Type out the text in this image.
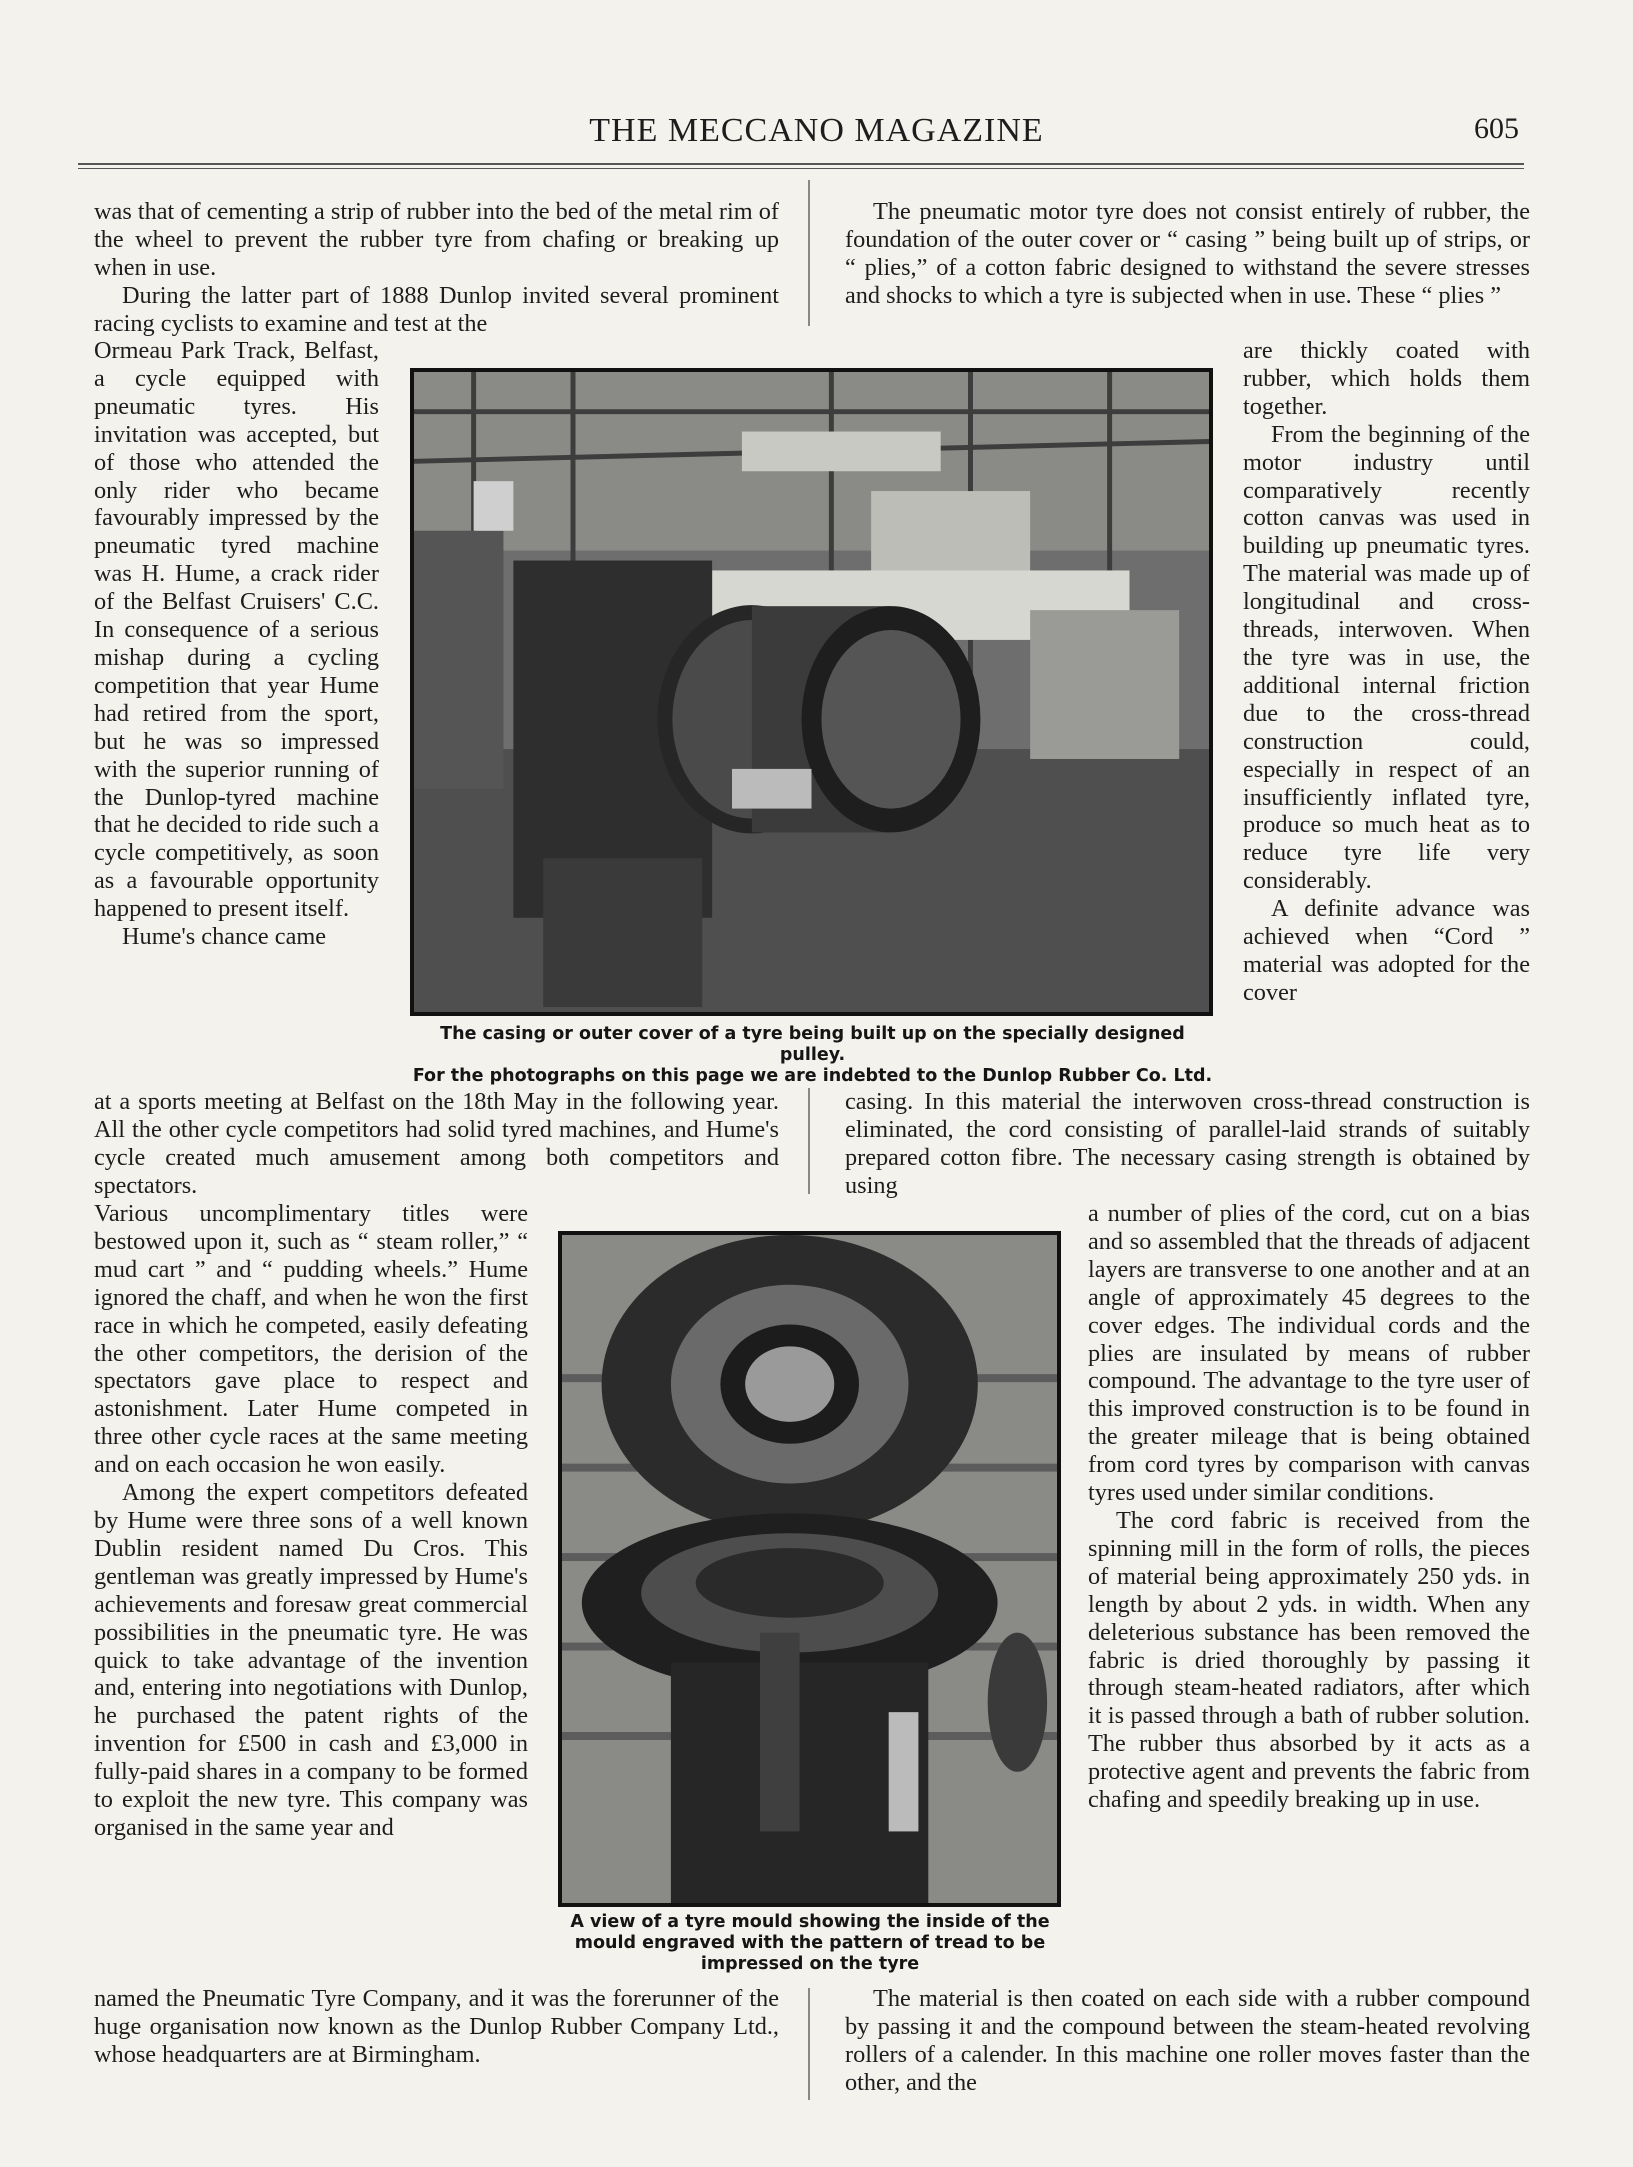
THE MECCANO MAGAZINE	605

was that of cementing a strip of rubber into the bed of the metal rim of the wheel to prevent the rubber tyre from chafing or breaking up when in use.

During the latter part of 1888 Dunlop invited several prominent racing cyclists to examine and test at the

Ormeau Park Track, Belfast, a cycle equipped with pneumatic tyres. His invitation was accepted, but of those who attended the only rider who became favourably impressed by the pneumatic tyred machine was H. Hume, a crack rider of the Belfast Cruisers' C.C. In consequence of a serious mishap during a cycling competition that year Hume had retired from the sport, but he was so impressed with the superior running of the Dunlop-tyred machine that he decided to ride such a cycle competitively, as soon as a favourable opportunity happened to present itself.

Hume's chance came

at a sports meeting at Belfast on the 18th May in the following year. All the other cycle competitors had solid tyred machines, and Hume's cycle created much amusement among both competitors and spectators.

Various uncomplimentary titles were bestowed upon it, such as “ steam roller,” “ mud cart ” and “ pudding wheels.” Hume ignored the chaff, and when he won the first race in which he competed, easily defeating the other competitors, the derision of the spectators gave place to respect and astonishment. Later Hume competed in three other cycle races at the same meeting and on each occasion he won easily.

Among the expert competitors defeated by Hume were three sons of a well known Dublin resident named Du Cros. This gentleman was greatly impressed by Hume's achievements and foresaw great commercial possibilities in the pneumatic tyre. He was quick to take advantage of the invention and, entering into negotiations with Dunlop, he purchased the patent rights of the invention for £500 in cash and £3,000 in fully-paid shares in a company to be formed to exploit the new tyre. This company was organised in the same year and

named the Pneumatic Tyre Company, and it was the forerunner of the huge organisation now known as the Dunlop Rubber Company Ltd., whose headquarters are at Birmingham.

The pneumatic motor tyre does not consist entirely of rubber, the foundation of the outer cover or “ casing ” being built up of strips, or “ plies,” of a cotton fabric designed to withstand the severe stresses and shocks to which a tyre is subjected when in use. These “ plies ”

are thickly coated with rubber, which holds them together.

From the beginning of the motor industry until comparatively recently cotton canvas was used in building up pneumatic tyres. The material was made up of longitudinal and cross-threads, interwoven. When the tyre was in use, the additional internal friction due to the cross-thread construction could, especially in respect of an insufficiently inflated tyre, produce so much heat as to reduce tyre life very considerably.

A definite advance was achieved when “Cord ” material was adopted for the cover

casing. In this material the interwoven cross-thread construction is eliminated, the cord consisting of parallel-laid strands of suitably prepared cotton fibre. The necessary casing strength is obtained by using

a number of plies of the cord, cut on a bias and so assembled that the threads of adjacent layers are transverse to one another and at an angle of approximately 45 degrees to the cover edges. The individual cords and the plies are insulated by means of rubber compound. The advantage to the tyre user of this improved construction is to be found in the greater mileage that is being obtained from cord tyres by comparison with canvas tyres used under similar conditions.

The cord fabric is received from the spinning mill in the form of rolls, the pieces of material being approximately 250 yds. in length by about 2 yds. in width. When any deleterious substance has been removed the fabric is dried thoroughly by passing it through steam-heated radiators, after which it is passed through a bath of rubber solution. The rubber thus absorbed by it acts as a protective agent and prevents the fabric from chafing and speedily breaking up in use.

The material is then coated on each side with a rubber compound by passing it and the compound between the steam-heated revolving rollers of a calender. In this machine one roller moves faster than the other, and the

The casing or outer cover of a tyre being built up on the specially designed pulley.
For the photographs on this page we are indebted to the Dunlop Rubber Co. Ltd.
A view of a tyre mould showing the inside of the mould engraved with the pattern of tread to be impressed on the tyre
